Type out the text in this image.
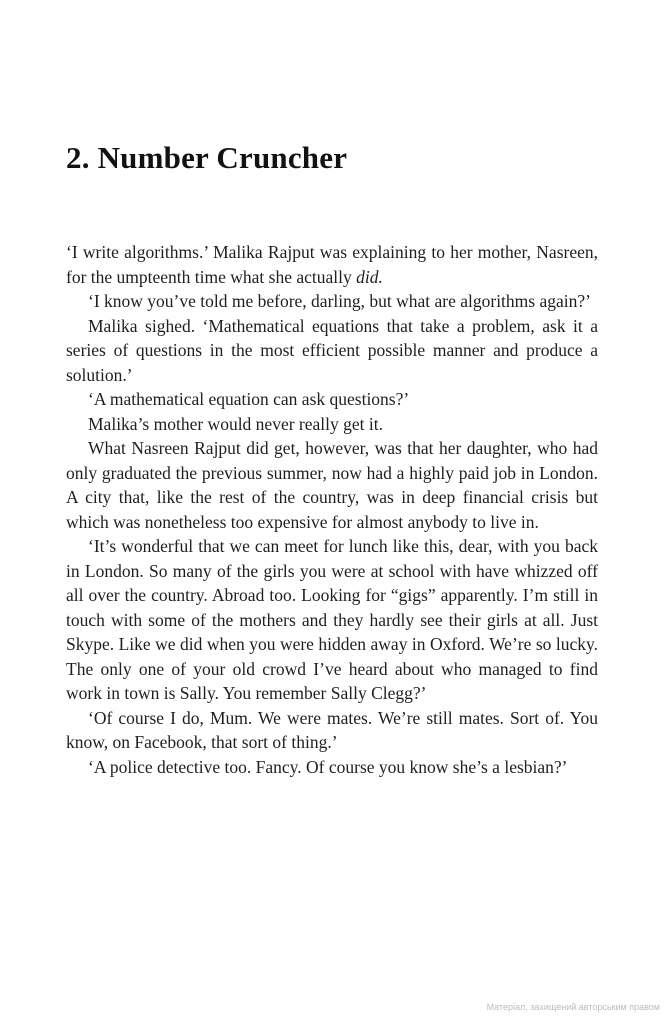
2. Number Cruncher

‘I write algorithms.’ Malika Rajput was explaining to her mother, Nasreen, for the umpteenth time what she actually did.

‘I know you’ve told me before, darling, but what are algorithms again?’

Malika sighed. ‘Mathematical equations that take a problem, ask it a series of questions in the most efficient possible manner and produce a solution.’

‘A mathematical equation can ask questions?’

Malika’s mother would never really get it.

What Nasreen Rajput did get, however, was that her daughter, who had only graduated the previous summer, now had a highly paid job in London. A city that, like the rest of the country, was in deep financial crisis but which was nonetheless too expensive for almost anybody to live in.

‘It’s wonderful that we can meet for lunch like this, dear, with you back in London. So many of the girls you were at school with have whizzed off all over the country. Abroad too. Looking for “gigs” apparently. I’m still in touch with some of the mothers and they hardly see their girls at all. Just Skype. Like we did when you were hidden away in Oxford. We’re so lucky. The only one of your old crowd I’ve heard about who managed to find work in town is Sally. You remember Sally Clegg?’

‘Of course I do, Mum. We were mates. We’re still mates. Sort of. You know, on Facebook, that sort of thing.’

‘A police detective too. Fancy. Of course you know she’s a lesbian?’

Матеріал, захищений авторським правом
